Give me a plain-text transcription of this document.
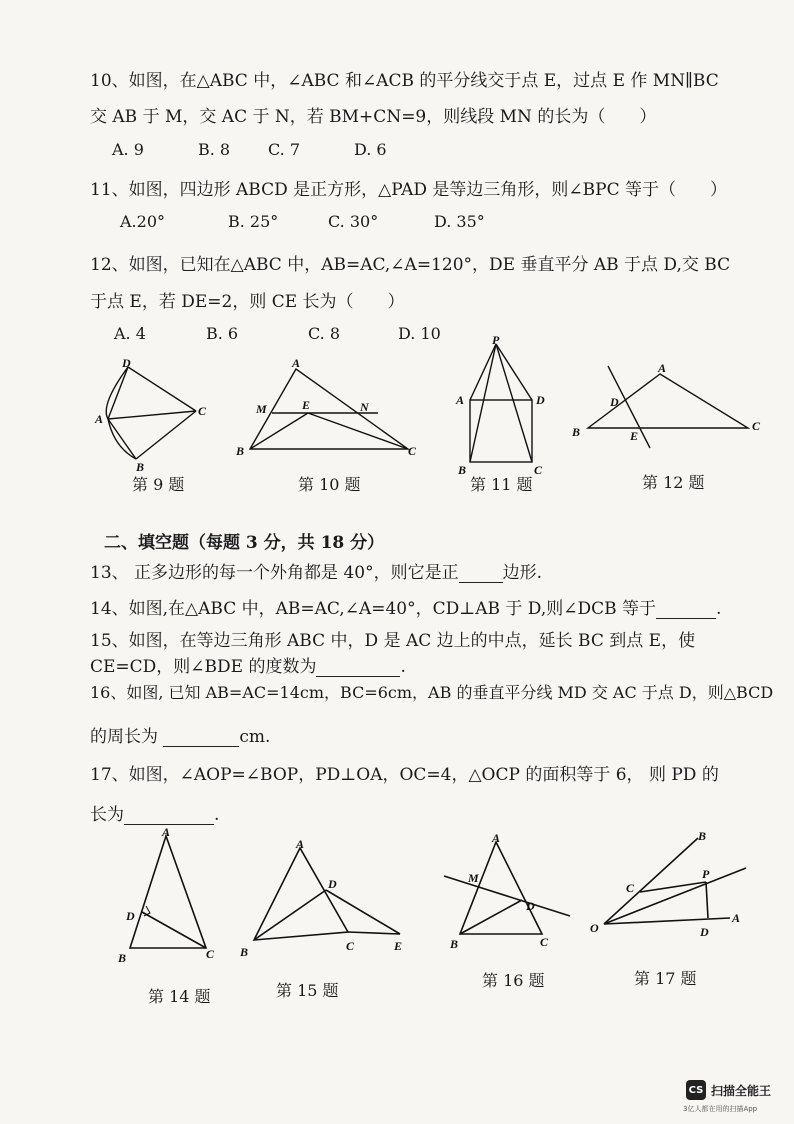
10、如图，在△ABC 中，∠ABC 和∠ACB 的平分线交于点 E，过点 E 作 MN∥BC
交 AB 于 M，交 AC 于 N，若 BM+CN=9，则线段 MN 的长为（　　）
A. 9	B. 8 C. 7	D. 6
11、如图，四边形 ABCD 是正方形，△PAD 是等边三角形，则∠BPC 等于（　　）
A.20°	B. 25°	C. 30°	D. 35°
12、如图，已知在△ABC 中，AB=AC,∠A=120°，DE 垂直平分 AB 于点 D,交 BC
于点 E，若 DE=2，则 CE 长为（　　）
A. 4	B. 6	C. 8	D. 10
D
A
C
B
第 9 题
A
M	E	N
B	C
第 10 题
P
A	D
B	C
第 11 题
A
D
E
B	C
第 12 题
二、填空题（每题 3 分，共 18 分）
13、 正多边形的每一个外角都是 40°，则它是正	边形.
14、如图,在△ABC 中，AB=AC,∠A=40°，CD⊥AB 于 D,则∠DCB 等于	.
15、如图，在等边三角形 ABC 中，D 是 AC 边上的中点，延长 BC 到点 E，使
CE=CD，则∠BDE 的度数为	.
16、如图, 已知 AB=AC=14cm，BC=6cm，AB 的垂直平分线 MD 交 AC 于点 D，则△BCD
的周长为	cm.
17、如图，∠AOP=∠BOP，PD⊥OA，OC=4，△OCP 的面积等于 6， 则 PD 的
长为	.
A
D
B	C
第 14 题
A
D
B	C	E
第 15 题
A
M
D
B	C
第 16 题
B
C
P
O	D
A
第 17 题
CS 扫描全能王
3亿人都在用的扫描App
